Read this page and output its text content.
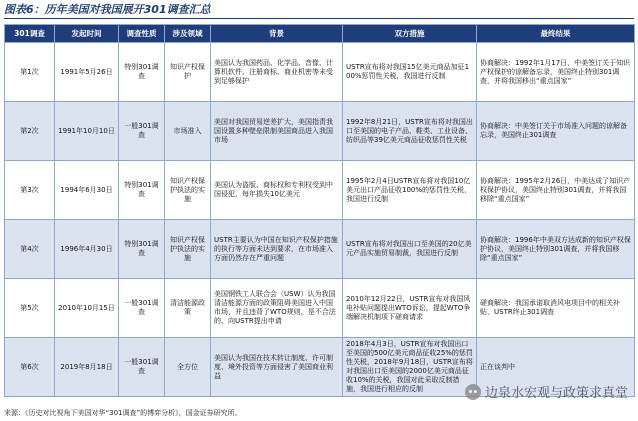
图表6：历年美国对我国展开301调查汇总
301调查	发起时间	调查性质	涉及领域	背景	双方措施	最终结果
第1次	1991年5月26日	特别301调查	知识产权保护	美国认为我国药品、化学品、音像、计算机软件、注册商标、商业机密等未受到足够保护	USTR宣布将对我国15亿美元商品加征100%惩罚性关税，我国进行反制	协商解决：1992年1月17日，中美签订关于知识产权保护的谅解备忘录，美国终止特别301调查，并将我国移出“重点国家”
第2次	1991年10月10日	一般301调查	市场准入	美国对我国贸易逆差扩大，美国指责我国设置多种壁垒限制美国商品进入我国市场	1992年8月21日，USTR宣布将对我国出口至美国的电子产品、鞋类、工业设备、纺织品等39亿美元商品征收惩罚性关税	协商解决：中美签订关于市场准入问题的谅解备忘录，美国终止301调查
第3次	1994年6月30日	特别301调查	知识产权保护执法的实施	美国认为盗版、商标权和专利权受到中国侵犯，每年损失10亿美元	1995年2月4日USTR宣布将对我国10亿美元出口产品征收100%的惩罚性关税，我国进行反制	协商解决：1995年2月26日，中美达成了知识产权保护协议，美国终止特别301调查，并将我国移除“重点国家”
第4次	1996年4月30日	特别301调查	知识产权保护执法的实施	USTR主要认为中国在知识产权保护措施的执行等方面未达到要求，在市场准入方面仍然存在严重问题	USTR宣布将对我国出口至美国的20亿美元产品实施贸易制裁，我国进行反制	协商解决：1996年中美双方达成新的知识产权保护协议，美国终止特别301调查，并将我国移除“重点国家”
第5次	2010年10月15日	一般301调查	清洁能源政策	美国钢铁工人联合会（USW）认为我国清洁能源方面的政策阻碍美国进入中国市场，并且违背了WTO规则，是不合法的，向USTR提出申请	2010年12月22日，USTR宣布对我国风电补贴问题提出WTO诉讼，提起WTO争端解决机制项下磋商请求	磋商解决：我国承诺取消风电项目中的相关补贴，USTR终止301调查
第6次	2019年8月18日	一般301调查	全方位	美国认为我国在技术转让制度、许可制度、境外投资等方面侵害了美国商业利益	2018年4月3日，USTR宣布对我国出口至美国的500亿美元商品征收25%的惩罚性关税，2018年9月18日，USTR宣布将对我国出口至美国的2000亿美元商品征收10%的关税，我国对此采取反制措施，我国进行相应的反制	正在谈判中
边泉水宏观与政策求真堂
来源：《历史对比视角下美国对华“301调查”的博弈分析》，国金证券研究所。
